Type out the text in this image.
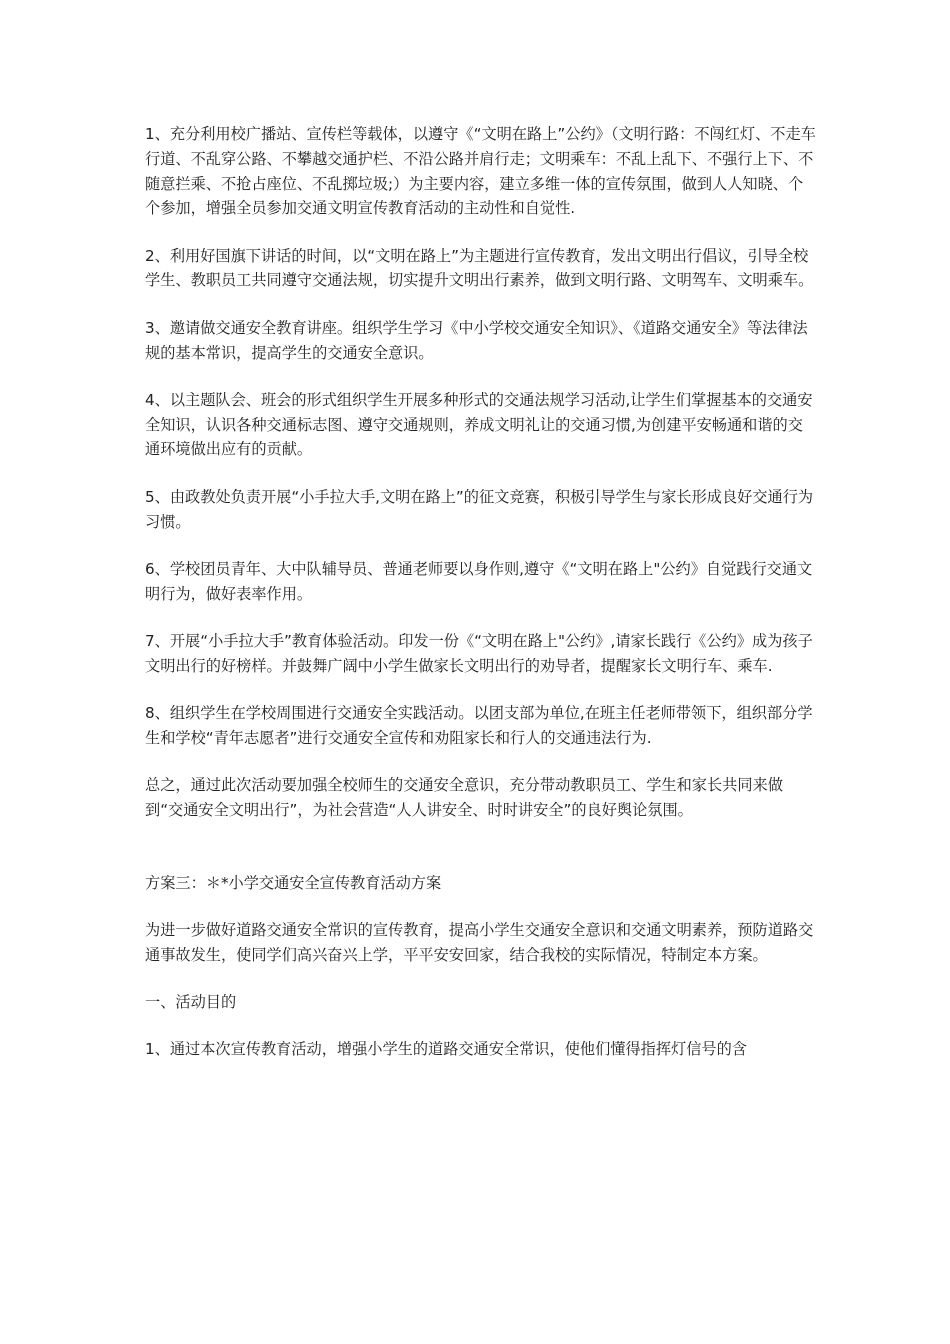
1、充分利用校广播站、宣传栏等载体，以遵守《“文明在路上”公约》（文明行路：不闯红灯、不走车行道、不乱穿公路、不攀越交通护栏、不沿公路并肩行走；文明乘车：不乱上乱下、不强行上下、不随意拦乘、不抢占座位、不乱掷垃圾;）为主要内容，建立多维一体的宣传氛围，做到人人知晓、个个参加，增强全员参加交通文明宣传教育活动的主动性和自觉性.

2、利用好国旗下讲话的时间，以“文明在路上”为主题进行宣传教育，发出文明出行倡议，引导全校学生、教职员工共同遵守交通法规，切实提升文明出行素养，做到文明行路、文明驾车、文明乘车。

3、邀请做交通安全教育讲座。组织学生学习《中小学校交通安全知识》、《道路交通安全》等法律法规的基本常识，提高学生的交通安全意识。

4、以主题队会、班会的形式组织学生开展多种形式的交通法规学习活动,让学生们掌握基本的交通安全知识，认识各种交通标志图、遵守交通规则，养成文明礼让的交通习惯,为创建平安畅通和谐的交通环境做出应有的贡献。

5、由政教处负责开展“小手拉大手,文明在路上”的征文竞赛，积极引导学生与家长形成良好交通行为习惯。

6、学校团员青年、大中队辅导员、普通老师要以身作则,遵守《“文明在路上"公约》自觉践行交通文明行为，做好表率作用。

7、开展“小手拉大手”教育体验活动。印发一份《“文明在路上"公约》,请家长践行《公约》成为孩子文明出行的好榜样。并鼓舞广阔中小学生做家长文明出行的劝导者，提醒家长文明行车、乘车.

8、组织学生在学校周围进行交通安全实践活动。以团支部为单位,在班主任老师带领下，组织部分学生和学校“青年志愿者”进行交通安全宣传和劝阻家长和行人的交通违法行为.

总之，通过此次活动要加强全校师生的交通安全意识，充分带动教职员工、学生和家长共同来做到“交通安全文明出行”，为社会营造“人人讲安全、时时讲安全”的良好舆论氛围。

方案三：＊*小学交通安全宣传教育活动方案

为进一步做好道路交通安全常识的宣传教育，提高小学生交通安全意识和交通文明素养，预防道路交通事故发生，使同学们高兴奋兴上学，平平安安回家，结合我校的实际情况，特制定本方案。

一、活动目的

1、通过本次宣传教育活动，增强小学生的道路交通安全常识，使他们懂得指挥灯信号的含
